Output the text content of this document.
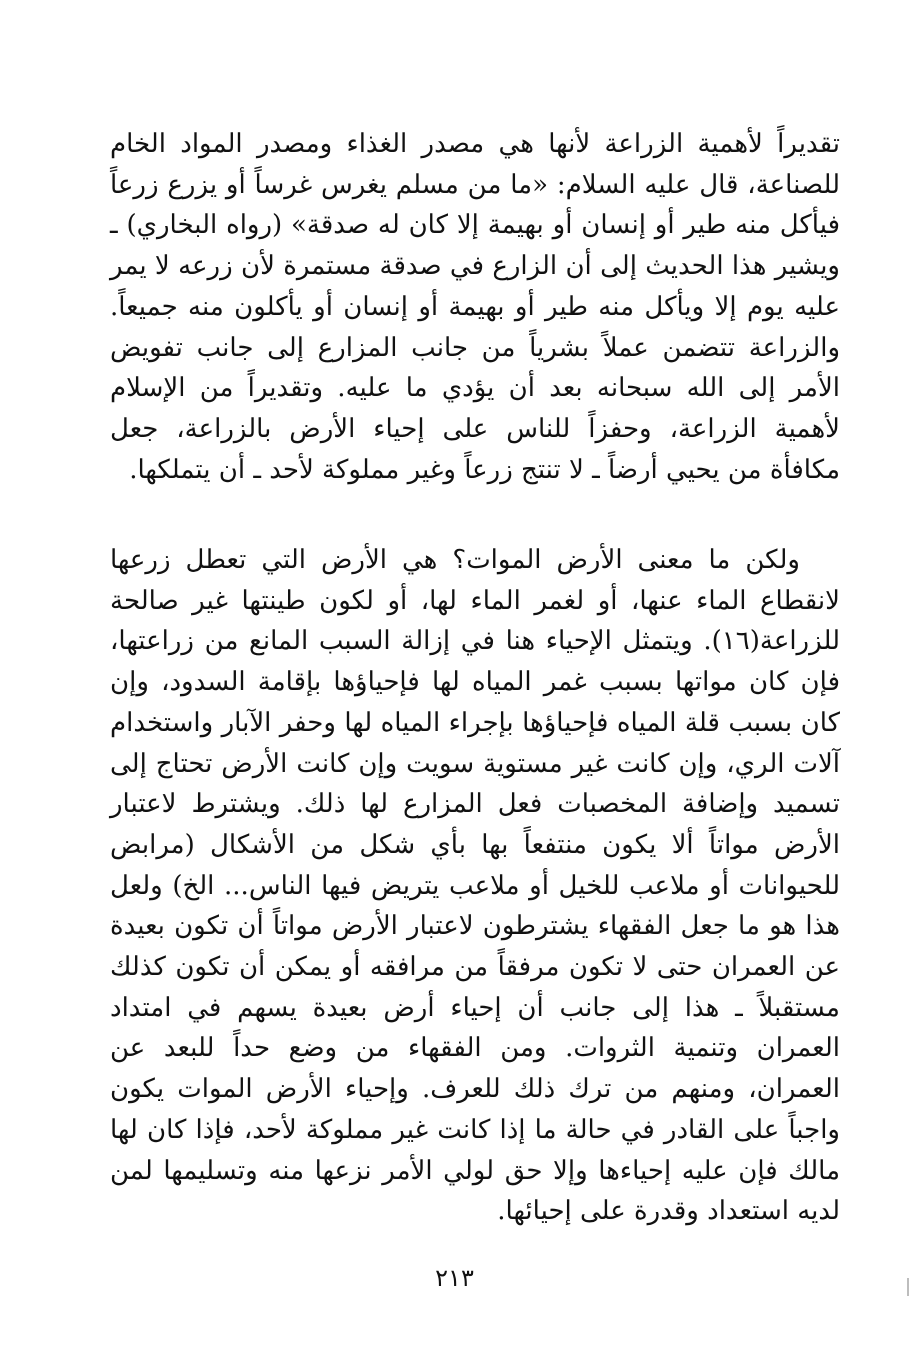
تقديراً لأهمية الزراعة لأنها هي مصدر الغذاء ومصدر المواد الخام للصناعة، قال عليه السلام: «ما من مسلم يغرس غرساً أو يزرع زرعاً فيأكل منه طير أو إنسان أو بهيمة إلا كان له صدقة» (رواه البخاري) ـ ويشير هذا الحديث إلى أن الزارع في صدقة مستمرة لأن زرعه لا يمر عليه يوم إلا ويأكل منه طير أو بهيمة أو إنسان أو يأكلون منه جميعاً. والزراعة تتضمن عملاً بشرياً من جانب المزارع إلى جانب تفويض الأمر إلى الله سبحانه بعد أن يؤدي ما عليه. وتقديراً من الإسلام لأهمية الزراعة، وحفزاً للناس على إحياء الأرض بالزراعة، جعل مكافأة من يحيي أرضاً ـ لا تنتج زرعاً وغير مملوكة لأحد ـ أن يتملكها.

ولكن ما معنى الأرض الموات؟ هي الأرض التي تعطل زرعها لانقطاع الماء عنها، أو لغمر الماء لها، أو لكون طينتها غير صالحة للزراعة(١٦). ويتمثل الإحياء هنا في إزالة السبب المانع من زراعتها، فإن كان مواتها بسبب غمر المياه لها فإحياؤها بإقامة السدود، وإن كان بسبب قلة المياه فإحياؤها بإجراء المياه لها وحفر الآبار واستخدام آلات الري، وإن كانت غير مستوية سويت وإن كانت الأرض تحتاج إلى تسميد وإضافة المخصبات فعل المزارع لها ذلك. ويشترط لاعتبار الأرض مواتاً ألا يكون منتفعاً بها بأي شكل من الأشكال (مرابض للحيوانات أو ملاعب للخيل أو ملاعب يتريض فيها الناس... الخ) ولعل هذا هو ما جعل الفقهاء يشترطون لاعتبار الأرض مواتاً أن تكون بعيدة عن العمران حتى لا تكون مرفقاً من مرافقه أو يمكن أن تكون كذلك مستقبلاً ـ هذا إلى جانب أن إحياء أرض بعيدة يسهم في امتداد العمران وتنمية الثروات. ومن الفقهاء من وضع حداً للبعد عن العمران، ومنهم من ترك ذلك للعرف. وإحياء الأرض الموات يكون واجباً على القادر في حالة ما إذا كانت غير مملوكة لأحد، فإذا كان لها مالك فإن عليه إحياءها وإلا حق لولي الأمر نزعها منه وتسليمها لمن لديه استعداد وقدرة على إحيائها.

٢١٣
